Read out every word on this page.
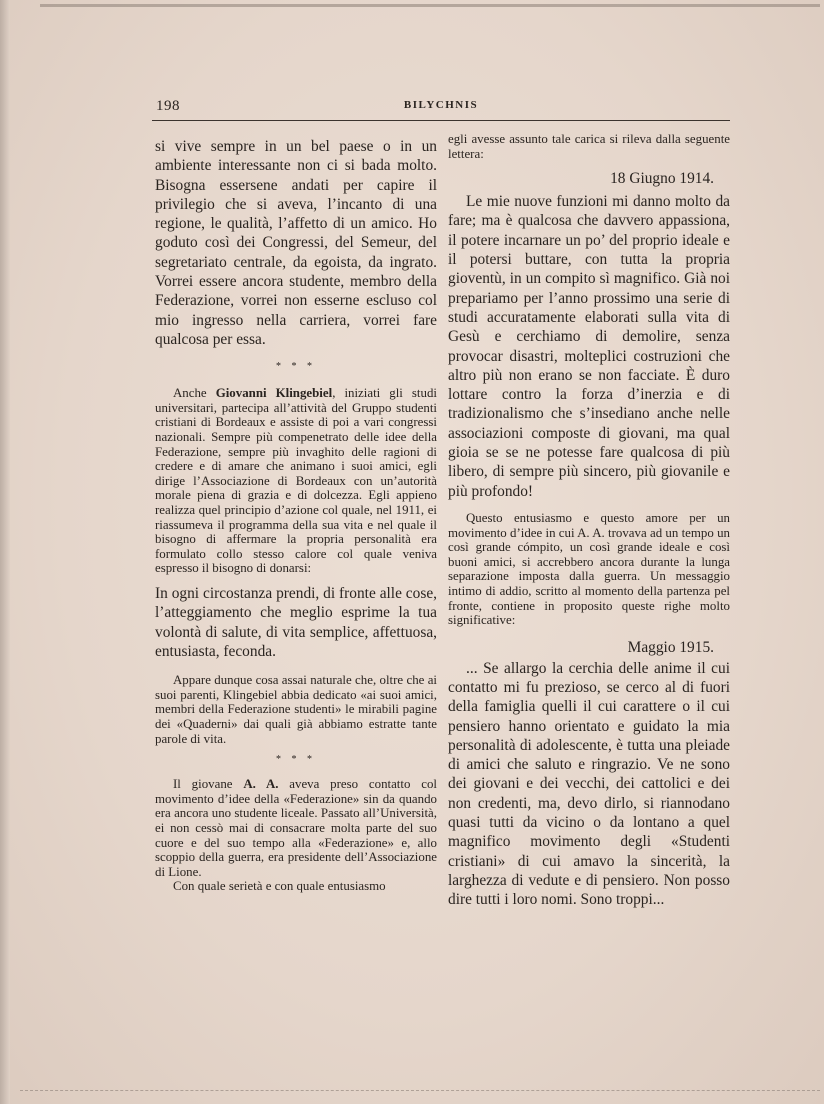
198	BILYCHNIS

si vive sempre in un bel paese o in un ambiente interessante non ci si bada molto. Bisogna essersene andati per capire il privilegio che si aveva, l’incanto di una regione, le qualità, l’affetto di un amico. Ho goduto così dei Congressi, del Semeur, del segretariato centrale, da egoista, da ingrato. Vorrei essere ancora studente, membro della Federazione, vorrei non esserne escluso col mio ingresso nella carriera, vorrei fare qualcosa per essa.

* * *

Anche Giovanni Klingebiel, iniziati gli studi universitari, partecipa all’attività del Gruppo studenti cristiani di Bordeaux e assiste di poi a vari congressi nazionali. Sempre più compenetrato delle idee della Federazione, sempre più invaghito delle ragioni di credere e di amare che animano i suoi amici, egli dirige l’Associazione di Bordeaux con un’autorità morale piena di grazia e di dolcezza. Egli appieno realizza quel principio d’azione col quale, nel 1911, ei riassumeva il programma della sua vita e nel quale il bisogno di affermare la propria personalità era formulato collo stesso calore col quale veniva espresso il bisogno di donarsi:

In ogni circostanza prendi, di fronte alle cose, l’atteggiamento che meglio esprime la tua volontà di salute, di vita semplice, affettuosa, entusiasta, feconda.

Appare dunque cosa assai naturale che, oltre che ai suoi parenti, Klingebiel abbia dedicato «ai suoi amici, membri della Federazione studenti» le mirabili pagine dei «Quaderni» dai quali già abbiamo estratte tante parole di vita.

* * *

Il giovane A. A. aveva preso contatto col movimento d’idee della «Federazione» sin da quando era ancora uno studente liceale. Passato all’Università, ei non cessò mai di consacrare molta parte del suo cuore e del suo tempo alla «Federazione» e, allo scoppio della guerra, era presidente dell’Associazione di Lione.

Con quale serietà e con quale entusiasmo

egli avesse assunto tale carica si rileva dalla seguente lettera:

18 Giugno 1914.

Le mie nuove funzioni mi danno molto da fare; ma è qualcosa che davvero appassiona, il potere incarnare un po’ del proprio ideale e il potersi buttare, con tutta la propria gioventù, in un compito sì magnifico. Già noi prepariamo per l’anno prossimo una serie di studi accuratamente elaborati sulla vita di Gesù e cerchiamo di demolire, senza provocar disastri, molteplici costruzioni che altro più non erano se non facciate. È duro lottare contro la forza d’inerzia e di tradizionalismo che s’insediano anche nelle associazioni composte di giovani, ma qual gioia se se ne potesse fare qualcosa di più libero, di sempre più sincero, più giovanile e più profondo!

Questo entusiasmo e questo amore per un movimento d’idee in cui A. A. trovava ad un tempo un così grande cómpito, un così grande ideale e così buoni amici, si accrebbero ancora durante la lunga separazione imposta dalla guerra. Un messaggio intimo di addio, scritto al momento della partenza pel fronte, contiene in proposito queste righe molto significative:

Maggio 1915.

... Se allargo la cerchia delle anime il cui contatto mi fu prezioso, se cerco al di fuori della famiglia quelli il cui carattere o il cui pensiero hanno orientato e guidato la mia personalità di adolescente, è tutta una pleiade di amici che saluto e ringrazio. Ve ne sono dei giovani e dei vecchi, dei cattolici e dei non credenti, ma, devo dirlo, si riannodano quasi tutti da vicino o da lontano a quel magnifico movimento degli «Studenti cristiani» di cui amavo la sincerità, la larghezza di vedute e di pensiero. Non posso dire tutti i loro nomi. Sono troppi...
